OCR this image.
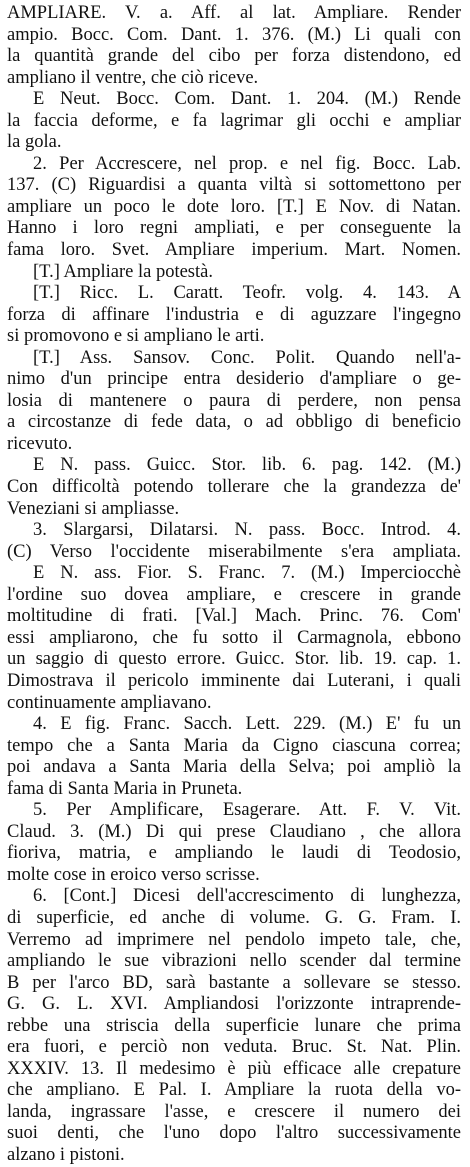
AMPLIARE. V. a. Aff. al lat. Ampliare. Render
ampio. Bocc. Com. Dant. 1. 376. (M.) Li quali con
la quantità grande del cibo per forza distendono, ed
ampliano il ventre, che ciò riceve.

E Neut. Bocc. Com. Dant. 1. 204. (M.) Rende
la faccia deforme, e fa lagrimar gli occhi e ampliar
la gola.

2. Per Accrescere, nel prop. e nel fig. Bocc. Lab.
137. (C) Riguardisi a quanta viltà si sottomettono per
ampliare un poco le dote loro. [T.] E Nov. di Natan.
Hanno i loro regni ampliati, e per conseguente la
fama loro. Svet. Ampliare imperium. Mart. Nomen.

[T.] Ampliare la potestà.

[T.] Ricc. L. Caratt. Teofr. volg. 4. 143. A
forza di affinare l'industria e di aguzzare l'ingegno
si promovono e si ampliano le arti.

[T.] Ass. Sansov. Conc. Polit. Quando nell'a-
nimo d'un principe entra desiderio d'ampliare o ge-
losia di mantenere o paura di perdere, non pensa
a circostanze di fede data, o ad obbligo di beneficio
ricevuto.

E N. pass. Guicc. Stor. lib. 6. pag. 142. (M.)
Con difficoltà potendo tollerare che la grandezza de'
Veneziani si ampliasse.

3. Slargarsi, Dilatarsi. N. pass. Bocc. Introd. 4.
(C) Verso l'occidente miserabilmente s'era ampliata.

E N. ass. Fior. S. Franc. 7. (M.) Imperciocchè
l'ordine suo dovea ampliare, e crescere in grande
moltitudine di frati. [Val.] Mach. Princ. 76. Com'
essi ampliarono, che fu sotto il Carmagnola, ebbono
un saggio di questo errore. Guicc. Stor. lib. 19. cap. 1.
Dimostrava il pericolo imminente dai Luterani, i quali
continuamente ampliavano.

4. E fig. Franc. Sacch. Lett. 229. (M.) E' fu un
tempo che a Santa Maria da Cigno ciascuna correa;
poi andava a Santa Maria della Selva; poi ampliò la
fama di Santa Maria in Pruneta.

5. Per Amplificare, Esagerare. Att. F. V. Vit.
Claud. 3. (M.) Di qui prese Claudiano , che allora
fioriva, matria, e ampliando le laudi di Teodosio,
molte cose in eroico verso scrisse.

6. [Cont.] Dicesi dell'accrescimento di lunghezza,
di superficie, ed anche di volume. G. G. Fram. I.
Verremo ad imprimere nel pendolo impeto tale, che,
ampliando le sue vibrazioni nello scender dal termine
B per l'arco BD, sarà bastante a sollevare se stesso.
G. G. L. XVI. Ampliandosi l'orizzonte intraprende-
rebbe una striscia della superficie lunare che prima
era fuori, e perciò non veduta. Bruc. St. Nat. Plin.
XXXIV. 13. Il medesimo è più efficace alle crepature
che ampliano. E Pal. I. Ampliare la ruota della vo-
landa, ingrassare l'asse, e crescere il numero dei
suoi denti, che l'uno dopo l'altro successivamente
alzano i pistoni.
